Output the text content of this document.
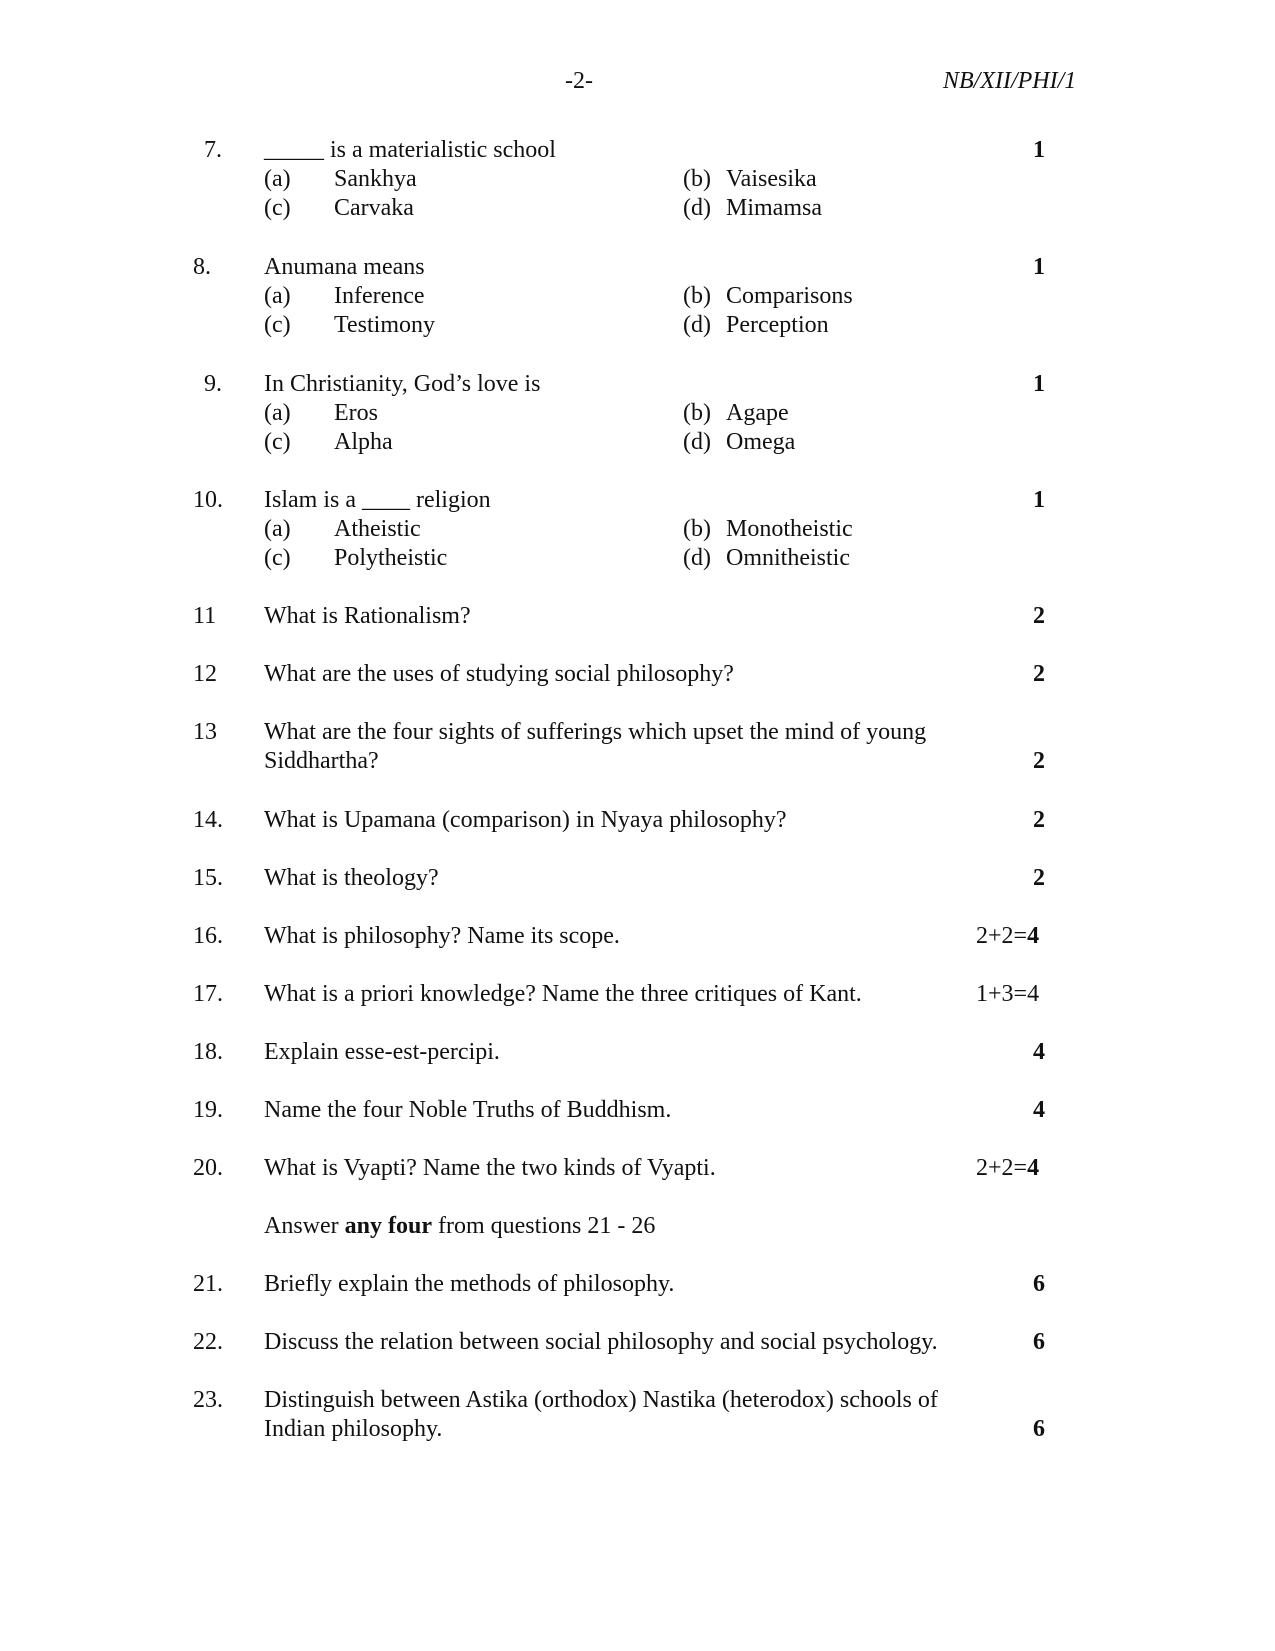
-2-	NB/XII/PHI/1
7. _____ is a materialistic school	1
(a) Sankhya	(b) Vaisesika
(c) Carvaka	(d) Mimamsa
8. Anumana means	1
(a) Inference	(b) Comparisons
(c) Testimony	(d) Perception
9. In Christianity, God’s love is	1
(a) Eros	(b) Agape
(c) Alpha	(d) Omega
10. Islam is a ____ religion	1
(a) Atheistic	(b) Monotheistic
(c) Polytheistic	(d) Omnitheistic
11 What is Rationalism?	2
12 What are the uses of studying social philosophy?	2
13 What are the four sights of sufferings which upset the mind of young
Siddhartha?	2
14. What is Upamana (comparison) in Nyaya philosophy?	2
15. What is theology?	2
16. What is philosophy? Name its scope.	2+2=4
17. What is a priori knowledge? Name the three critiques of Kant.	1+3=4
18. Explain esse-est-percipi.	4
19. Name the four Noble Truths of Buddhism.	4
20. What is Vyapti? Name the two kinds of Vyapti.	2+2=4
Answer any four from questions 21 - 26
21. Briefly explain the methods of philosophy.	6
22. Discuss the relation between social philosophy and social psychology.	6
23. Distinguish between Astika (orthodox) Nastika (heterodox) schools of
Indian philosophy.	6
